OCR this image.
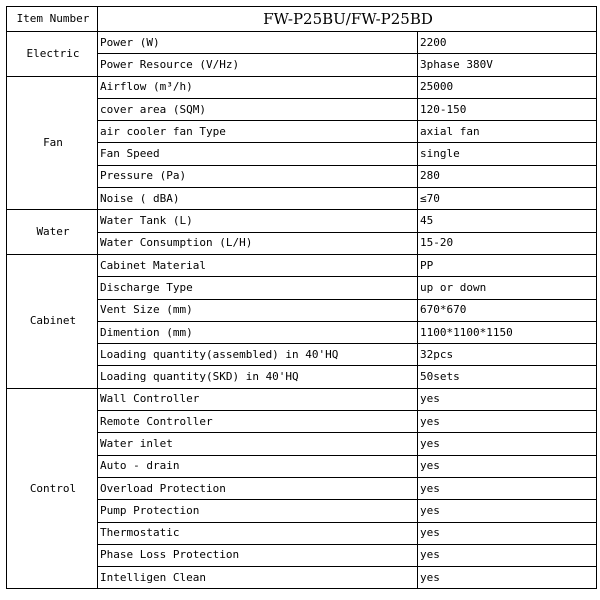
Item Number	FW-P25BU/FW-P25BD	
Electric	Power (W)	2200
	Power Resource (V/Hz)	3phase 380V
Fan	Airflow (m³/h)	25000
	cover area (SQM)	120-150
	air cooler fan Type	axial fan
	Fan Speed	single
	Pressure (Pa)	280
	Noise ( dBA)	≤70
Water	Water Tank (L)	45
	Water Consumption (L/H)	15-20
Cabinet	Cabinet Material	PP
	Discharge Type	up or down
	Vent Size (mm)	670*670
	Dimention (mm)	1100*1100*1150
	Loading quantity(assembled) in 40'HQ	32pcs
	Loading quantity(SKD) in 40'HQ	50sets
Control	Wall Controller	yes
	Remote Controller	yes
	Water inlet	yes
	Auto - drain	yes
	Overload Protection	yes
	Pump Protection	yes
	Thermostatic	yes
	Phase Loss Protection	yes
	Intelligen Clean	yes
